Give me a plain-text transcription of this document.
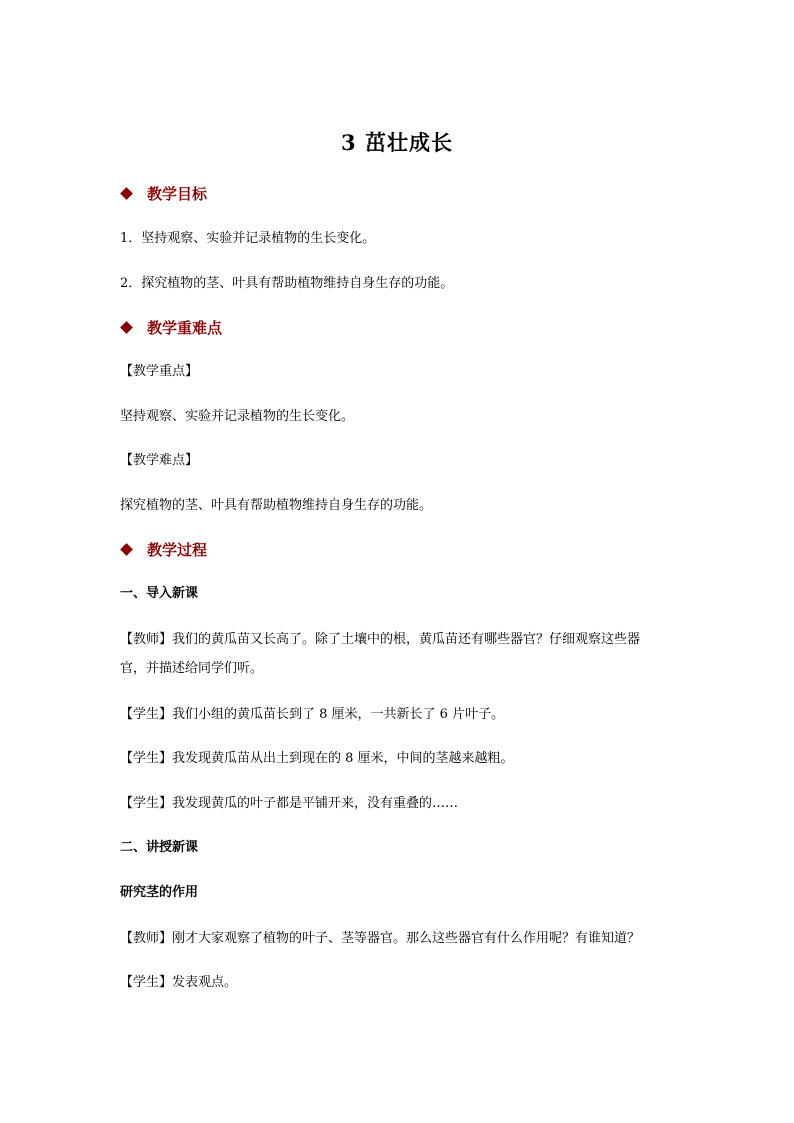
3 茁壮成长
教学目标
1．坚持观察、实验并记录植物的生长变化。
2．探究植物的茎、叶具有帮助植物维持自身生存的功能。
教学重难点
【教学重点】
坚持观察、实验并记录植物的生长变化。
【教学难点】
探究植物的茎、叶具有帮助植物维持自身生存的功能。
教学过程
一、导入新课
【教师】我们的黄瓜苗又长高了。除了土壤中的根，黄瓜苗还有哪些器官？仔细观察这些器
官，并描述给同学们听。
【学生】我们小组的黄瓜苗长到了 8 厘米，一共新长了 6 片叶子。
【学生】我发现黄瓜苗从出土到现在的 8 厘米，中间的茎越来越粗。
【学生】我发现黄瓜的叶子都是平铺开来，没有重叠的……
二、讲授新课
研究茎的作用
【教师】刚才大家观察了植物的叶子、茎等器官。那么这些器官有什么作用呢？有谁知道？
【学生】发表观点。
